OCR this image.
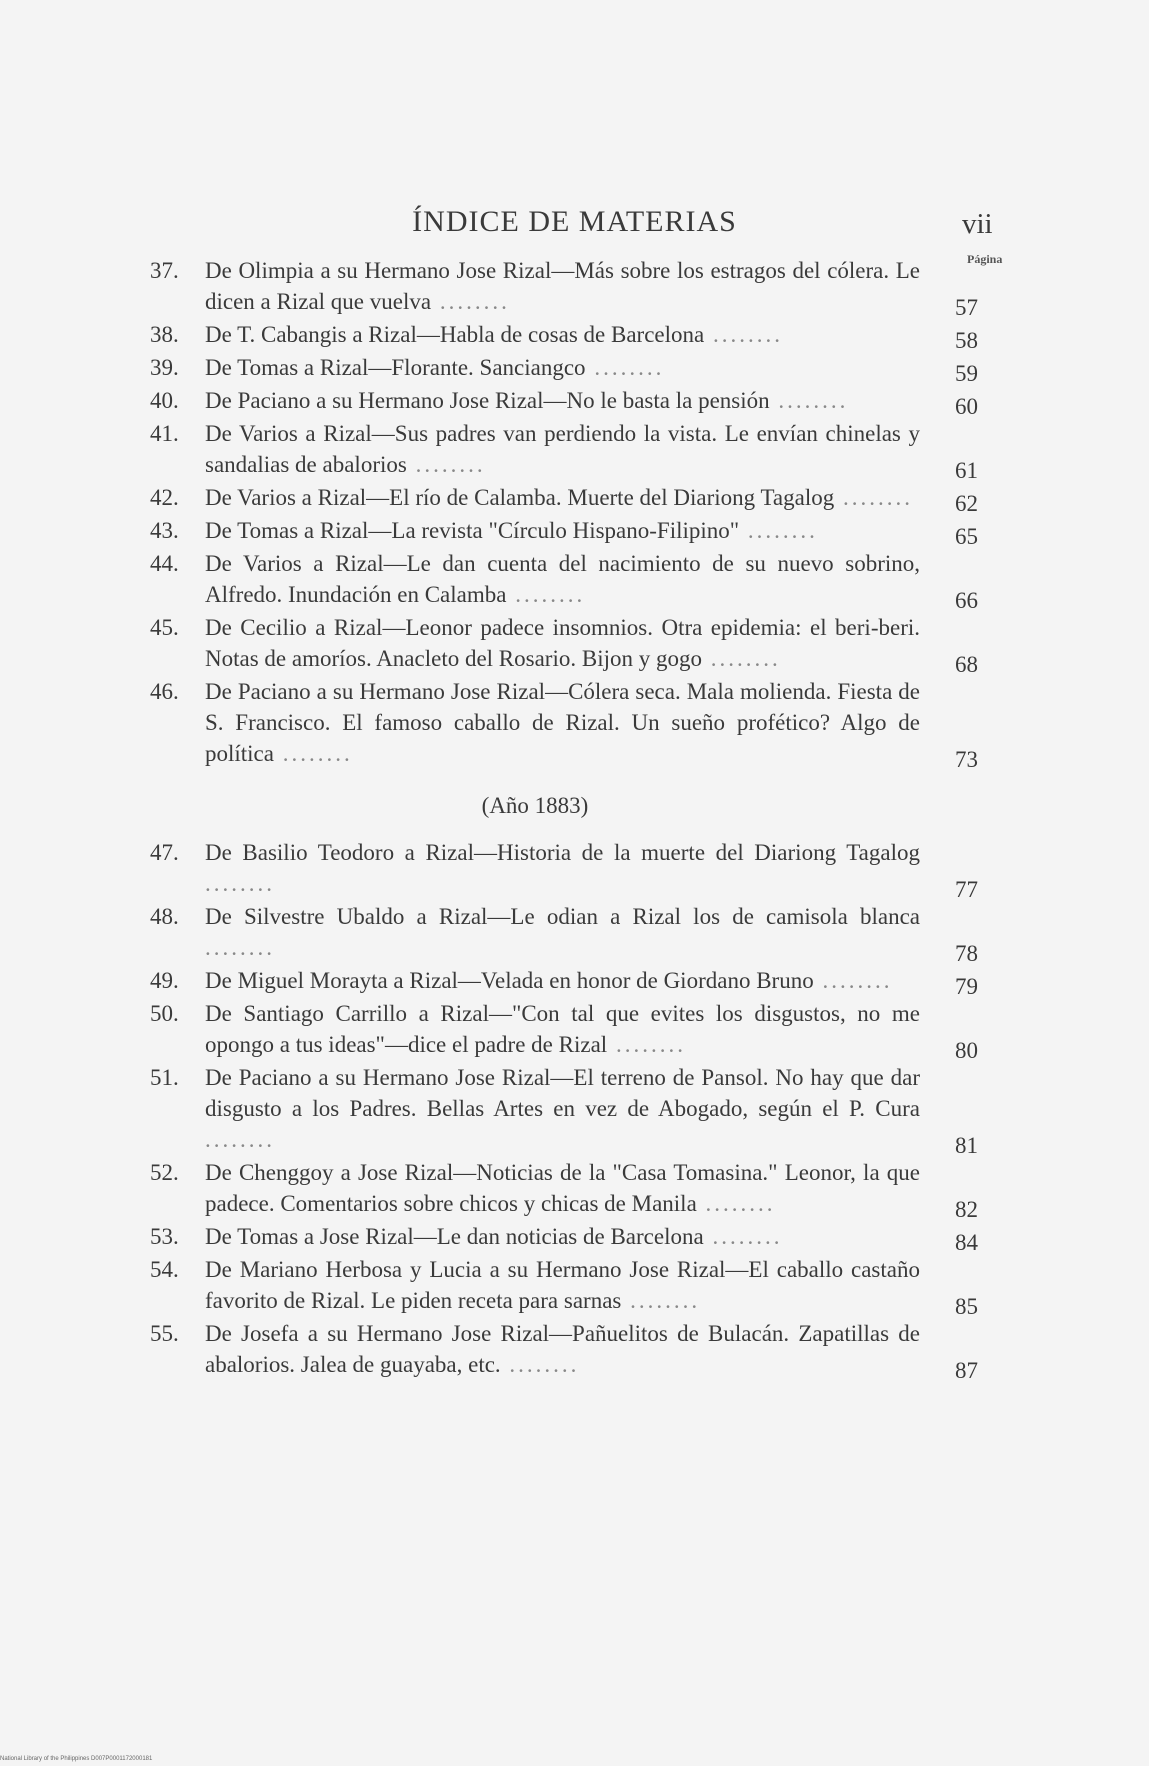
ÍNDICE DE MATERIAS	vii
Página
37. De Olimpia a su Hermano Jose Rizal—Más sobre los estragos del cólera. Le dicen a Rizal que vuelva ........	57
38. De T. Cabangis a Rizal—Habla de cosas de Barcelona ........	58
39. De Tomas a Rizal—Florante. Sanciangco ........	59
40. De Paciano a su Hermano Jose Rizal—No le basta la pensión ........	60
41. De Varios a Rizal—Sus padres van perdiendo la vista. Le envían chinelas y sandalias de abalorios ........	61
42. De Varios a Rizal—El río de Calamba. Muerte del Diariong Tagalog ........	62
43. De Tomas a Rizal—La revista "Círculo Hispano-Filipino" ........	65
44. De Varios a Rizal—Le dan cuenta del nacimiento de su nuevo sobrino, Alfredo. Inundación en Calamba ........	66
45. De Cecilio a Rizal—Leonor padece insomnios. Otra epidemia: el beri-beri. Notas de amoríos. Anacleto del Rosario. Bijon y gogo ........	68
46. De Paciano a su Hermano Jose Rizal—Cólera seca. Mala molienda. Fiesta de S. Francisco. El famoso caballo de Rizal. Un sueño profético? Algo de política ........	73
(Año 1883)
47. De Basilio Teodoro a Rizal—Historia de la muerte del Diariong Tagalog ........	77
48. De Silvestre Ubaldo a Rizal—Le odian a Rizal los de camisola blanca ........	78
49. De Miguel Morayta a Rizal—Velada en honor de Giordano Bruno ........	79
50. De Santiago Carrillo a Rizal—"Con tal que evites los disgustos, no me opongo a tus ideas"—dice el padre de Rizal ........	80
51. De Paciano a su Hermano Jose Rizal—El terreno de Pansol. No hay que dar disgusto a los Padres. Bellas Artes en vez de Abogado, según el P. Cura ........	81
52. De Chenggoy a Jose Rizal—Noticias de la "Casa Tomasina." Leonor, la que padece. Comentarios sobre chicos y chicas de Manila ........	82
53. De Tomas a Jose Rizal—Le dan noticias de Barcelona ........	84
54. De Mariano Herbosa y Lucia a su Hermano Jose Rizal—El caballo castaño favorito de Rizal. Le piden receta para sarnas ........	85
55. De Josefa a su Hermano Jose Rizal—Pañuelitos de Bulacán. Zapatillas de abalorios. Jalea de guayaba, etc. ........	87
National Library of the Philippines D007P0001172000181
